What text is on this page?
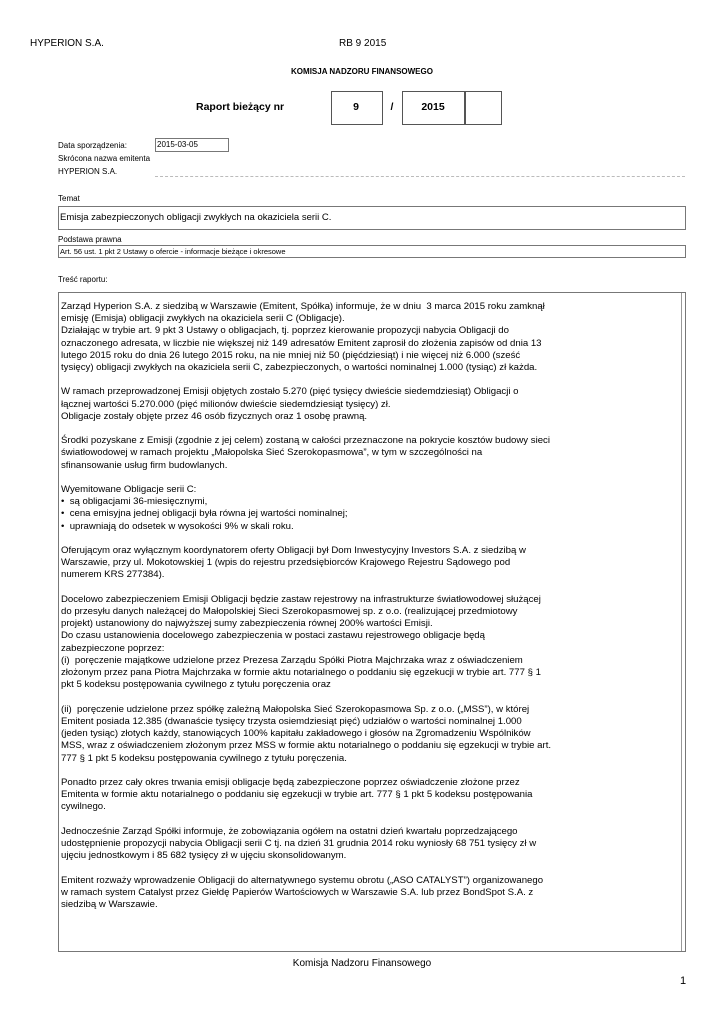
HYPERION S.A.	RB 9 2015
KOMISJA NADZORU FINANSOWEGO
Raport bieżący nr	9	/	2015
Data sporządzenia:	2015-03-05
Skrócona nazwa emitenta
HYPERION S.A.
Temat
Emisja zabezpieczonych obligacji zwykłych na okaziciela serii C.
Podstawa prawna
Art. 56 ust. 1 pkt 2 Ustawy o ofercie - informacje bieżące i okresowe
Treść raportu:
Zarząd Hyperion S.A. z siedzibą w Warszawie (Emitent, Spółka) informuje, że w dniu  3 marca 2015 roku zamknął
emisję (Emisja) obligacji zwykłych na okaziciela serii C (Obligacje).
Działając w trybie art. 9 pkt 3 Ustawy o obligacjach, tj. poprzez kierowanie propozycji nabycia Obligacji do
oznaczonego adresata, w liczbie nie większej niż 149 adresatów Emitent zaprosił do złożenia zapisów od dnia 13
lutego 2015 roku do dnia 26 lutego 2015 roku, na nie mniej niż 50 (pięćdziesiąt) i nie więcej niż 6.000 (sześć
tysięcy) obligacji zwykłych na okaziciela serii C, zabezpieczonych, o wartości nominalnej 1.000 (tysiąc) zł każda.

W ramach przeprowadzonej Emisji objętych zostało 5.270 (pięć tysięcy dwieście siedemdziesiąt) Obligacji o
łącznej wartości 5.270.000 (pięć milionów dwieście siedemdziesiąt tysięcy) zł.
Obligacje zostały objęte przez 46 osób fizycznych oraz 1 osobę prawną.

Środki pozyskane z Emisji (zgodnie z jej celem) zostaną w całości przeznaczone na pokrycie kosztów budowy sieci
światłowodowej w ramach projektu „Małopolska Sieć Szerokopasmowa”, w tym w szczególności na
sfinansowanie usług firm budowlanych.

Wyemitowane Obligacje serii C:
•  są obligacjami 36-miesięcznymi,
•  cena emisyjna jednej obligacji była równa jej wartości nominalnej;
•  uprawniają do odsetek w wysokości 9% w skali roku.

Oferującym oraz wyłącznym koordynatorem oferty Obligacji był Dom Inwestycyjny Investors S.A. z siedzibą w
Warszawie, przy ul. Mokotowskiej 1 (wpis do rejestru przedsiębiorców Krajowego Rejestru Sądowego pod
numerem KRS 277384).

Docelowo zabezpieczeniem Emisji Obligacji będzie zastaw rejestrowy na infrastrukturze światłowodowej służącej
do przesyłu danych należącej do Małopolskiej Sieci Szerokopasmowej sp. z o.o. (realizującej przedmiotowy
projekt) ustanowiony do najwyższej sumy zabezpieczenia równej 200% wartości Emisji.
Do czasu ustanowienia docelowego zabezpieczenia w postaci zastawu rejestrowego obligacje będą
zabezpieczone poprzez:
(i)  poręczenie majątkowe udzielone przez Prezesa Zarządu Spółki Piotra Majchrzaka wraz z oświadczeniem
złożonym przez pana Piotra Majchrzaka w formie aktu notarialnego o poddaniu się egzekucji w trybie art. 777 § 1
pkt 5 kodeksu postępowania cywilnego z tytułu poręczenia oraz

(ii)  poręczenie udzielone przez spółkę zależną Małopolska Sieć Szerokopasmowa Sp. z o.o. („MSS”), w której
Emitent posiada 12.385 (dwanaście tysięcy trzysta osiemdziesiąt pięć) udziałów o wartości nominalnej 1.000
(jeden tysiąc) złotych każdy, stanowiących 100% kapitału zakładowego i głosów na Zgromadzeniu Wspólników
MSS, wraz z oświadczeniem złożonym przez MSS w formie aktu notarialnego o poddaniu się egzekucji w trybie art.
777 § 1 pkt 5 kodeksu postępowania cywilnego z tytułu poręczenia.

Ponadto przez cały okres trwania emisji obligacje będą zabezpieczone poprzez oświadczenie złożone przez
Emitenta w formie aktu notarialnego o poddaniu się egzekucji w trybie art. 777 § 1 pkt 5 kodeksu postępowania
cywilnego.

Jednocześnie Zarząd Spółki informuje, że zobowiązania ogółem na ostatni dzień kwartału poprzedzającego
udostępnienie propozycji nabycia Obligacji serii C tj. na dzień 31 grudnia 2014 roku wyniosły 68 751 tysięcy zł w
ujęciu jednostkowym i 85 682 tysięcy zł w ujęciu skonsolidowanym.

Emitent rozważy wprowadzenie Obligacji do alternatywnego systemu obrotu („ASO CATALYST”) organizowanego
w ramach system Catalyst przez Giełdę Papierów Wartościowych w Warszawie S.A. lub przez BondSpot S.A. z
siedzibą w Warszawie.
Komisja Nadzoru Finansowego
1
